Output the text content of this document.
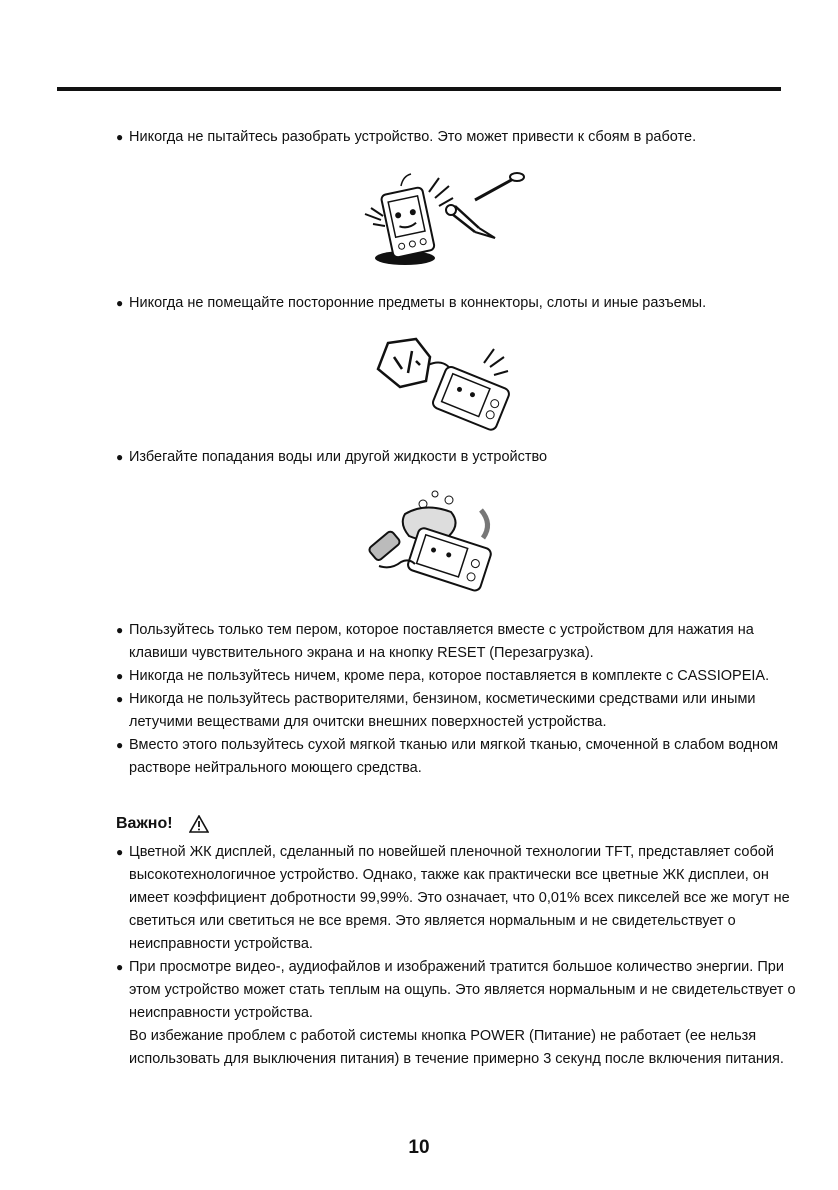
● Никогда не пытайтесь разобрать устройство. Это может привести к сбоям в работе.
● Никогда не помещайте посторонние предметы в коннекторы, слоты и иные разъемы.
● Избегайте попадания воды или другой жидкости в устройство
● Пользуйтесь только тем пером, которое поставляется вместе с устройством для нажатия на клавиши чувствительного экрана и на кнопку RESET (Перезагрузка).
● Никогда не пользуйтесь ничем, кроме пера, которое поставляется в комплекте с CASSIOPEIA.
● Никогда не пользуйтесь растворителями, бензином, косметическими средствами или иными летучими веществами для очитски внешних поверхностей устройства.
● Вместо этого пользуйтесь сухой мягкой тканью или мягкой тканью, смоченной в слабом водном растворе нейтрального моющего средства.
Важно!
● Цветной ЖК дисплей, сделанный по новейшей пленочной технологии TFT, представляет собой высокотехнологичное устройство. Однако, также как практически все цветные ЖК дисплеи, он имеет коэффициент добротности 99,99%. Это означает, что 0,01% всех пикселей все же могут не светиться или светиться не все время. Это является нормальным и не свидетельствует о неисправности устройства.
● При просмотре видео-, аудиофайлов и изображений тратится большое количество энергии. При этом устройство может стать теплым на ощупь. Это является нормальным и не свидетельствует о неисправности устройства.

Во избежание проблем с работой системы кнопка POWER (Питание) не работает (ее нельзя использовать для выключения питания) в течение примерно 3 секунд после включения питания.

10
